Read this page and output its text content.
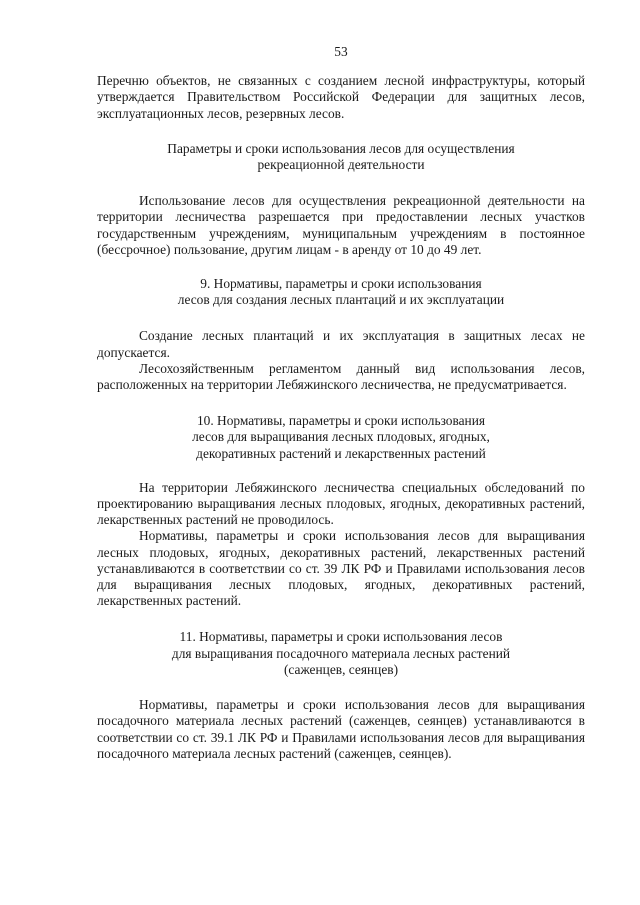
53

Перечню объектов, не связанных с созданием лесной инфраструктуры, который утверждается Правительством Российской Федерации для защитных лесов, эксплуатационных лесов, резервных лесов.

Параметры и сроки использования лесов для осуществления
рекреационной деятельности

Использование лесов для осуществления рекреационной деятельности на территории лесничества разрешается при предоставлении лесных участков государственным учреждениям, муниципальным учреждениям в постоянное (бессрочное) пользование, другим лицам - в аренду от 10 до 49 лет.

9. Нормативы, параметры и сроки использования
лесов для создания лесных плантаций и их эксплуатации

Создание лесных плантаций и их эксплуатация в защитных лесах не допускается.

Лесохозяйственным регламентом данный вид использования лесов, расположенных на территории Лебяжинского лесничества, не предусматривается.

10. Нормативы, параметры и сроки использования
лесов для выращивания лесных плодовых, ягодных,
декоративных растений и лекарственных растений

На территории Лебяжинского лесничества специальных обследований по проектированию выращивания лесных плодовых, ягодных, декоративных растений, лекарственных растений не проводилось.

Нормативы, параметры и сроки использования лесов для выращивания лесных плодовых, ягодных, декоративных растений, лекарственных растений устанавливаются в соответствии со ст. 39 ЛК РФ и Правилами использования лесов для выращивания лесных плодовых, ягодных, декоративных растений, лекарственных растений.

11. Нормативы, параметры и сроки использования лесов
для выращивания посадочного материала лесных растений
(саженцев, сеянцев)

Нормативы, параметры и сроки использования лесов для выращивания посадочного материала лесных растений (саженцев, сеянцев) устанавливаются в соответствии со ст. 39.1 ЛК РФ и Правилами использования лесов для выращивания посадочного материала лесных растений (саженцев, сеянцев).
